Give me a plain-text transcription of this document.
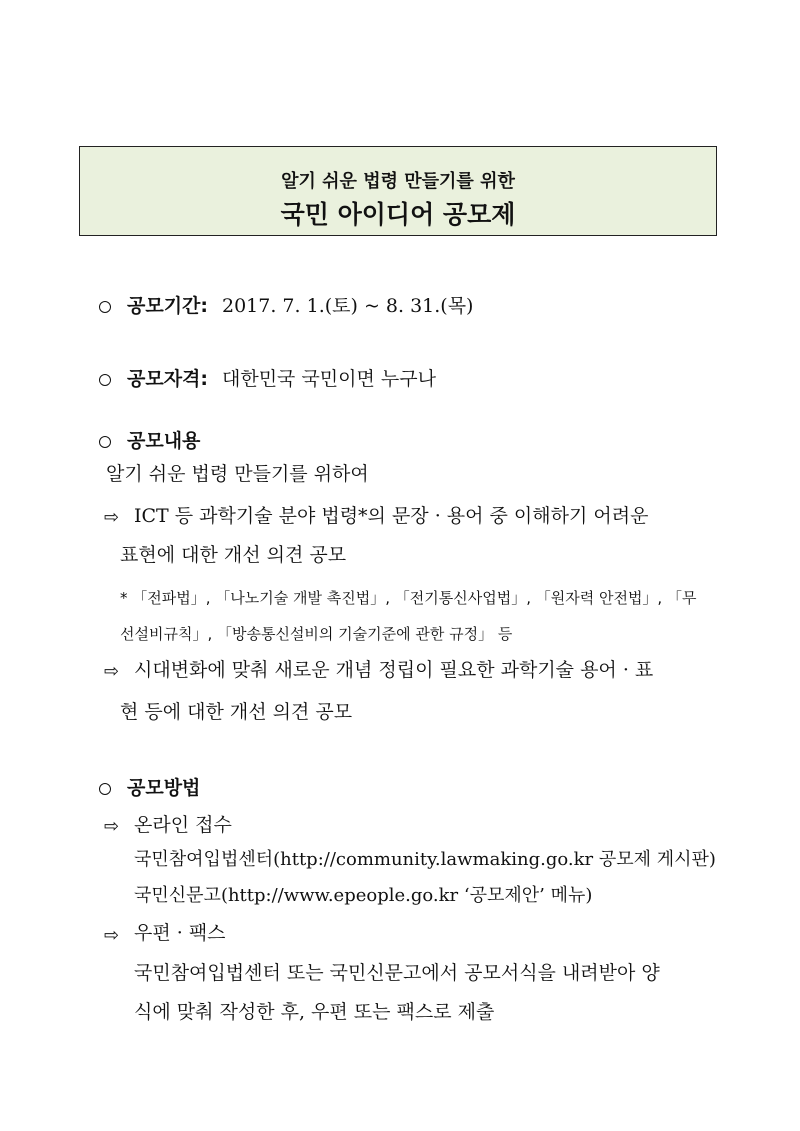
알기 쉬운 법령 만들기를 위한
국민 아이디어 공모제
공모기간: 2017. 7. 1.(토) ~ 8. 31.(목)
공모자격: 대한민국 국민이면 누구나
공모내용
알기 쉬운 법령 만들기를 위하여
⇨ ICT 등 과학기술 분야 법령*의 문장 · 용어 중 이해하기 어려운
표현에 대한 개선 의견 공모
* 「전파법」, 「나노기술 개발 촉진법」, 「전기통신사업법」, 「원자력 안전법」, 「무
선설비규칙」, 「방송통신설비의 기술기준에 관한 규정」 등
⇨ 시대변화에 맞춰 새로운 개념 정립이 필요한 과학기술 용어 · 표
현 등에 대한 개선 의견 공모
공모방법
⇨ 온라인 접수
국민참여입법센터(http://community.lawmaking.go.kr 공모제 게시판)
국민신문고(http://www.epeople.go.kr ‘공모제안’ 메뉴)
⇨ 우편 · 팩스
국민참여입법센터 또는 국민신문고에서 공모서식을 내려받아 양
식에 맞춰 작성한 후, 우편 또는 팩스로 제출
